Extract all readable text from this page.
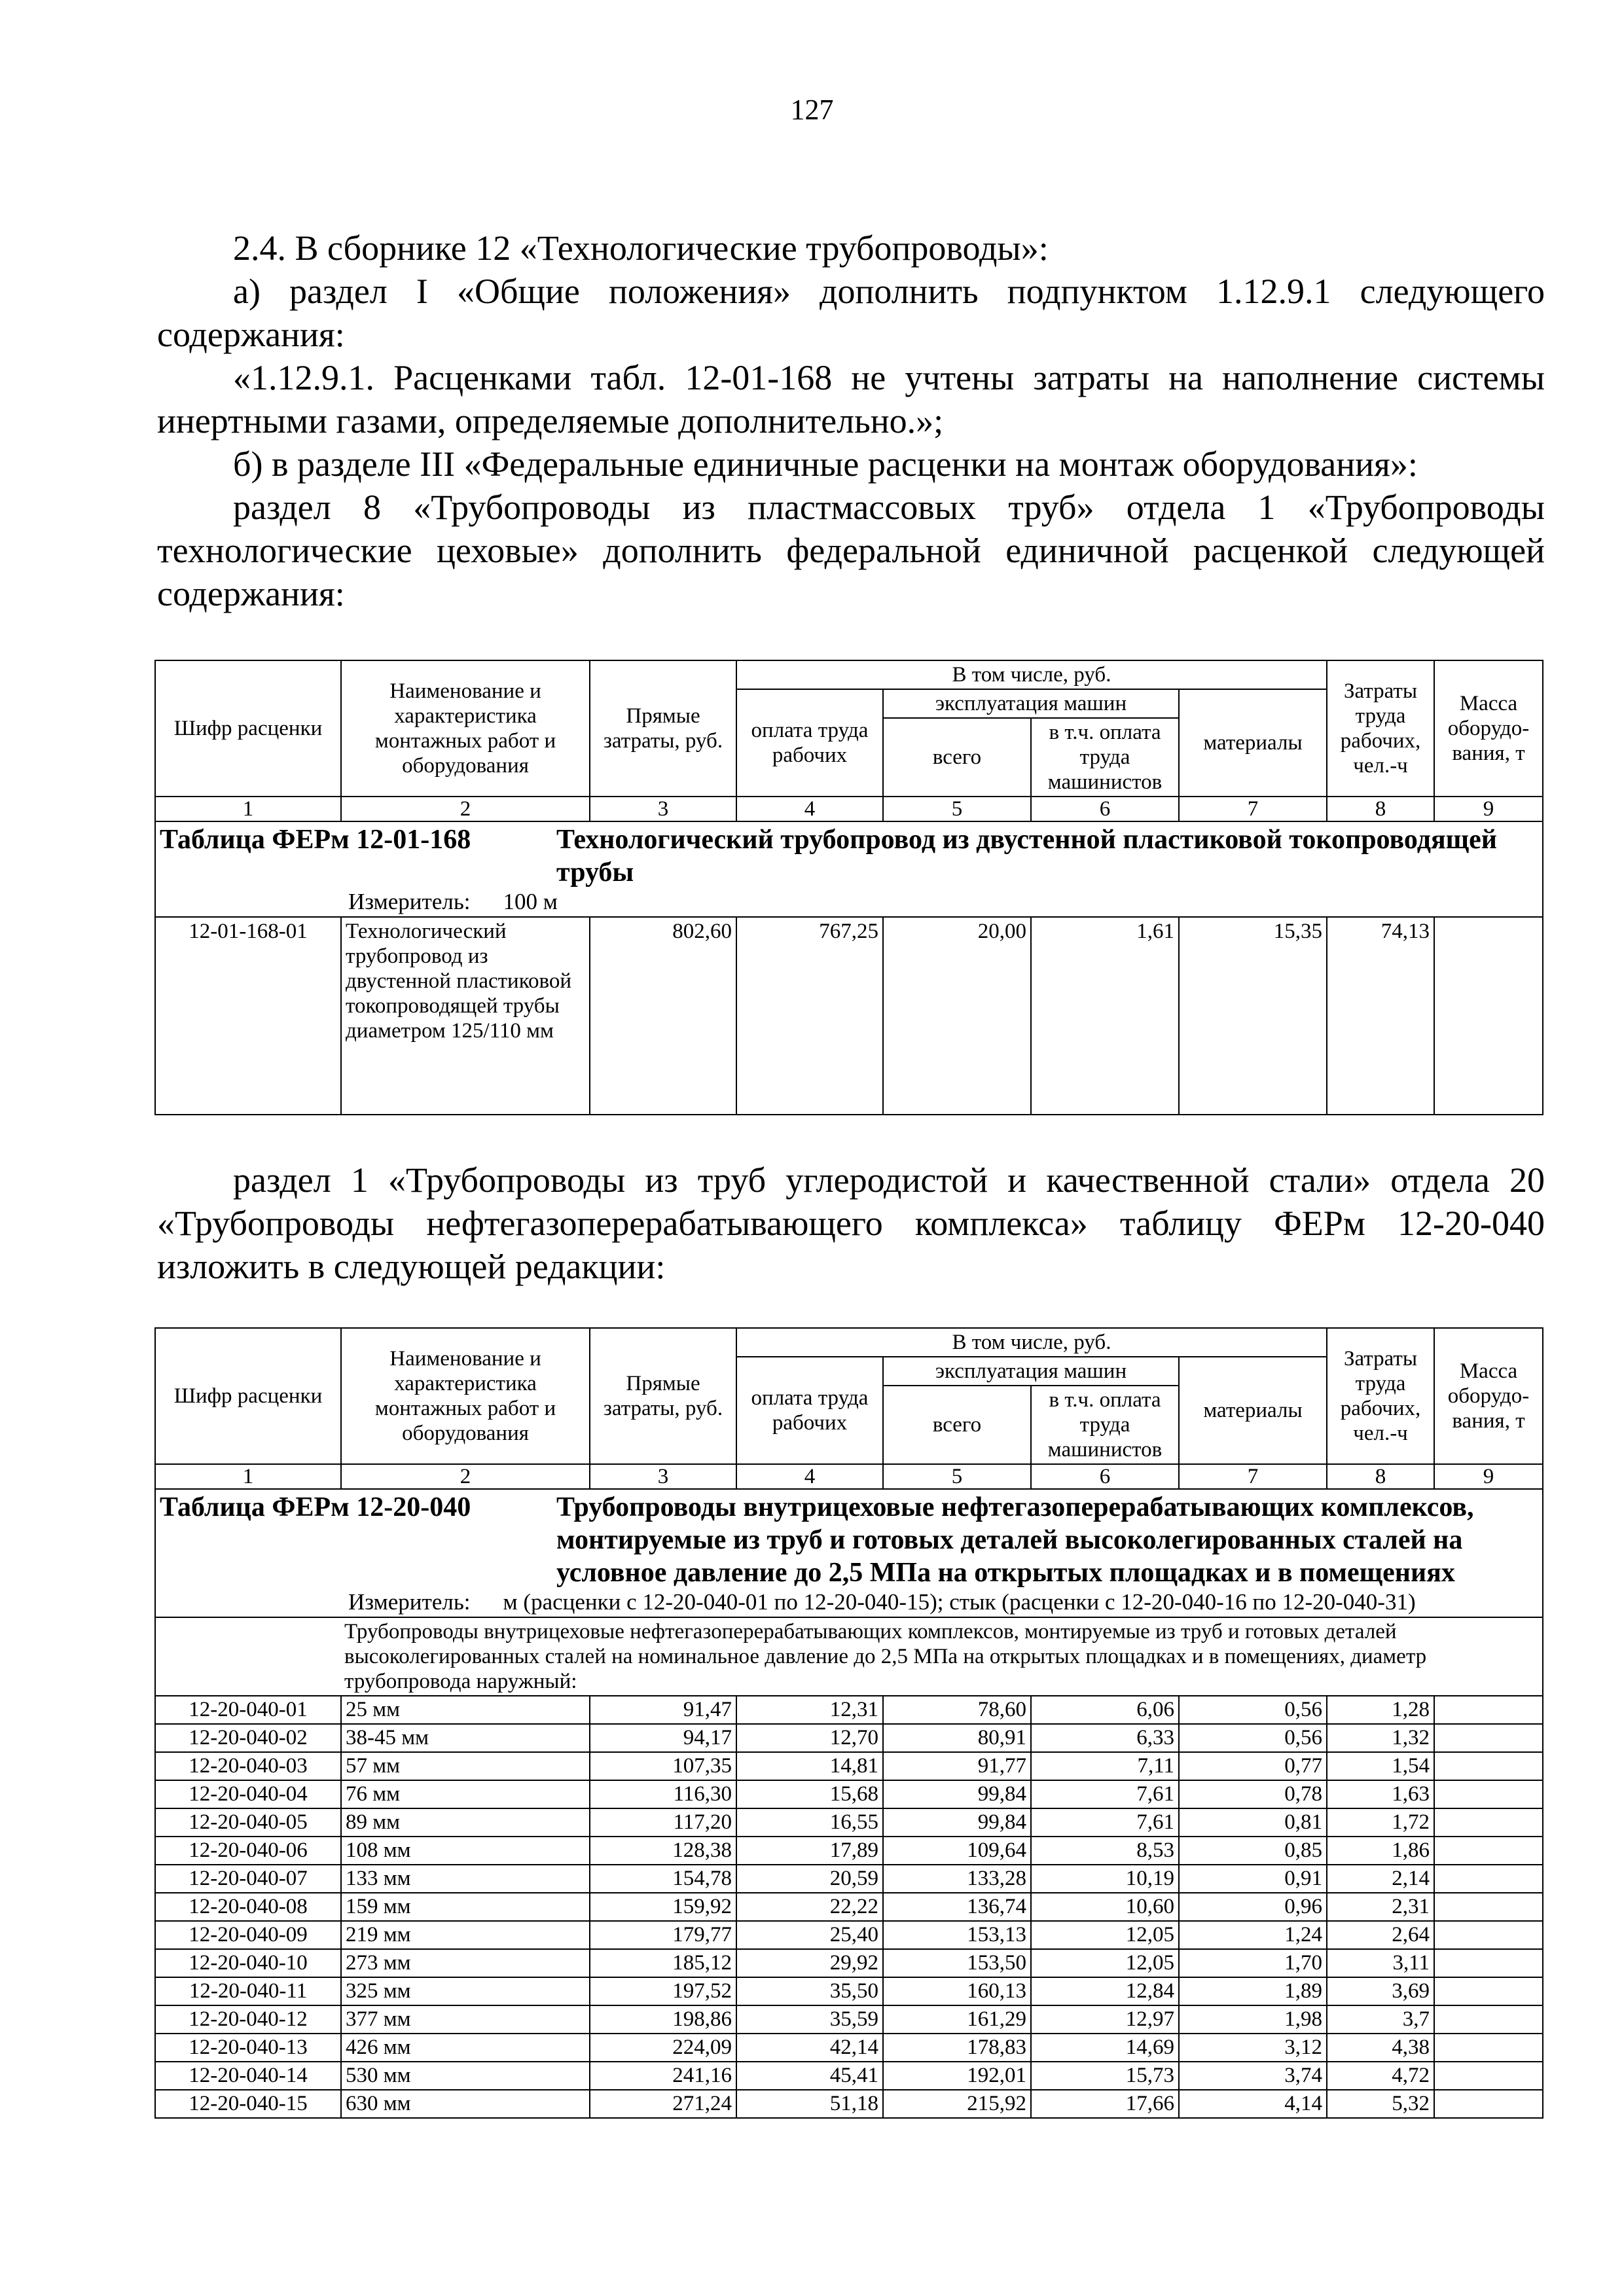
127

2.4. В сборнике 12 «Технологические трубопроводы»:

а) раздел I «Общие положения» дополнить подпунктом 1.12.9.1 следующего содержания:

«1.12.9.1. Расценками табл. 12-01-168 не учтены затраты на наполнение системы инертными газами, определяемые дополнительно.»;

б) в разделе III «Федеральные единичные расценки на монтаж оборудования»:

раздел 8 «Трубопроводы из пластмассовых труб» отдела 1 «Трубопроводы технологические цеховые» дополнить федеральной единичной расценкой следующей содержания:

Шифр расценки	Наименование и характеристика монтажных работ и оборудования	Прямые затраты, руб.	В том числе, руб.				Затраты труда рабочих, чел.-ч	Масса оборудо-вания, т
			оплата труда рабочих	эксплуатация машин		материалы		
				всего	в т.ч. оплата труда машинистов			
1	2	3	4	5	6	7	8	9

Таблица ФЕРм 12-01-168 Технологический трубопровод из двустенной пластиковой токопроводящей трубы
Измеритель: 100 м								

12-01-168-01	Технологический трубопровод из двустенной пластиковой токопроводящей трубы диаметром 125/110 мм	802,60	767,25	20,00	1,61	15,35	74,13	

раздел 1 «Трубопроводы из труб углеродистой и качественной стали» отдела 20 «Трубопроводы нефтегазоперерабатывающего комплекса» таблицу ФЕРм 12-20-040 изложить в следующей редакции:

Шифр расценки	Наименование и характеристика монтажных работ и оборудования	Прямые затраты, руб.	В том числе, руб.				Затраты труда рабочих, чел.-ч	Масса оборудо-вания, т
			оплата труда рабочих	эксплуатация машин		материалы		
				всего	в т.ч. оплата труда машинистов			
1	2	3	4	5	6	7	8	9

Таблица ФЕРм 12-20-040 Трубопроводы внутрицеховые нефтегазоперерабатывающих комплексов, монтируемые из труб и готовых деталей высоколегированных сталей на условное давление до 2,5 МПа на открытых площадках и в помещениях
Измеритель: м (расценки с 12-20-040-01 по 12-20-040-15); стык (расценки с 12-20-040-16 по 12-20-040-31)								

Трубопроводы внутрицеховые нефтегазоперерабатывающих комплексов, монтируемые из труб и готовых деталей высоколегированных сталей на номинальное давление до 2,5 МПа на открытых площадках и в помещениях, диаметр трубопровода наружный:								
12-20-040-01	25 мм	91,47	12,31	78,60	6,06	0,56	1,28	
12-20-040-02	38-45 мм	94,17	12,70	80,91	6,33	0,56	1,32	
12-20-040-03	57 мм	107,35	14,81	91,77	7,11	0,77	1,54	
12-20-040-04	76 мм	116,30	15,68	99,84	7,61	0,78	1,63	
12-20-040-05	89 мм	117,20	16,55	99,84	7,61	0,81	1,72	
12-20-040-06	108 мм	128,38	17,89	109,64	8,53	0,85	1,86	
12-20-040-07	133 мм	154,78	20,59	133,28	10,19	0,91	2,14	
12-20-040-08	159 мм	159,92	22,22	136,74	10,60	0,96	2,31	
12-20-040-09	219 мм	179,77	25,40	153,13	12,05	1,24	2,64	
12-20-040-10	273 мм	185,12	29,92	153,50	12,05	1,70	3,11	
12-20-040-11	325 мм	197,52	35,50	160,13	12,84	1,89	3,69	
12-20-040-12	377 мм	198,86	35,59	161,29	12,97	1,98	3,7	
12-20-040-13	426 мм	224,09	42,14	178,83	14,69	3,12	4,38	
12-20-040-14	530 мм	241,16	45,41	192,01	15,73	3,74	4,72	
12-20-040-15	630 мм	271,24	51,18	215,92	17,66	4,14	5,32	
